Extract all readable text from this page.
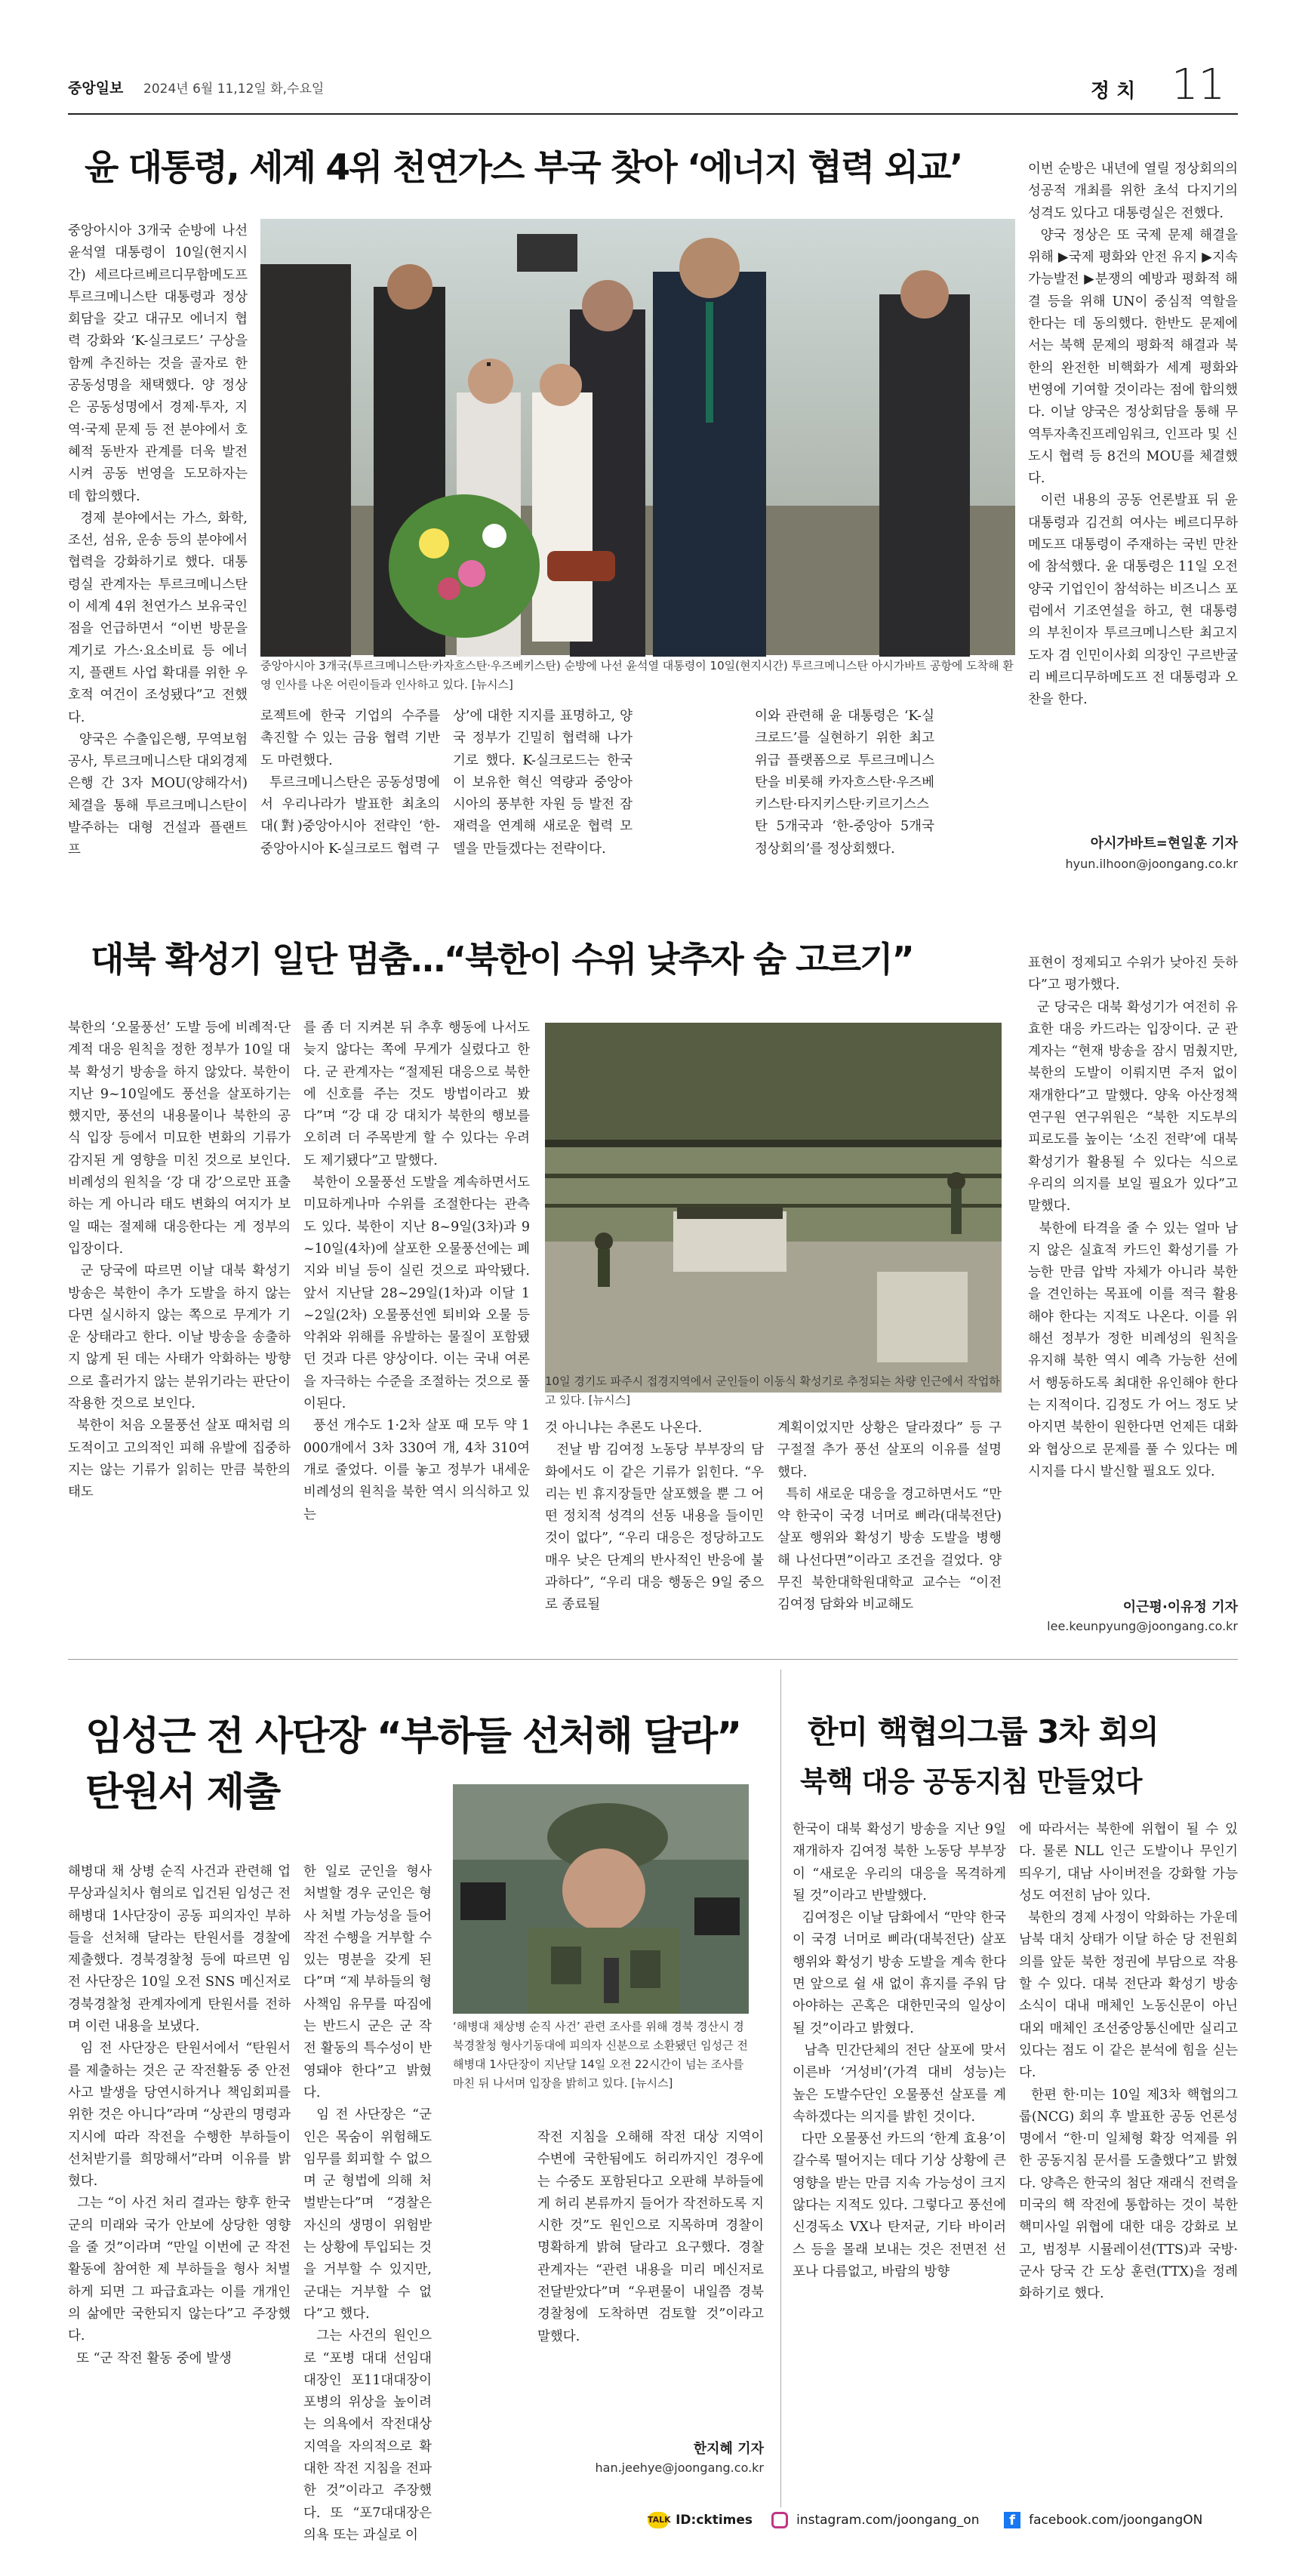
중앙일보 2024년 6월 11,12일 화,수요일	정 치 11
윤 대통령, 세계 4위 천연가스 부국 찾아 ‘에너지 협력 외교’
중앙아시아 3개국 순방에 나선 윤석열 대통령이 10일(현지시간) 세르다르베르디무함메도프 투르크메니스탄 대통령과 정상회담을 갖고 대규모 에너지 협력 강화와 ‘K-실크로드’ 구상을 함께 추진하는 것을 골자로 한 공동성명을 채택했다. 양 정상은 공동성명에서 경제·투자, 지역·국제 문제 등 전 분야에서 호혜적 동반자 관계를 더욱 발전시켜 공동 번영을 도모하자는 데 합의했다.
경제 분야에서는 가스, 화학, 조선, 섬유, 운송 등의 분야에서 협력을 강화하기로 했다. 대통령실 관계자는 투르크메니스탄이 세계 4위 천연가스 보유국인 점을 언급하면서 “이번 방문을 계기로 가스·요소비료 등 에너지, 플랜트 사업 확대를 위한 우호적 여건이 조성됐다”고 전했다.
양국은 수출입은행, 무역보험공사, 투르크메니스탄 대외경제은행 간 3자 MOU(양해각서) 체결을 통해 투르크메니스탄이 발주하는 대형 건설과 플랜트 프
중앙아시아 3개국(투르크메니스탄·카자흐스탄·우즈베키스탄) 순방에 나선 윤석열 대통령이 10일(현지시간) 투르크메니스탄 아시가바트 공항에 도착해 환영 인사를 나온 어린이들과 인사하고 있다. [뉴시스]
로젝트에 한국 기업의 수주를 촉진할 수 있는 금융 협력 기반도 마련했다.
투르크메니스탄은 공동성명에서 우리나라가 발표한 최초의 대(對)중앙아시아 전략인 ‘한-중앙아시아 K-실크로드 협력 구
상’에 대한 지지를 표명하고, 양국 정부가 긴밀히 협력해 나가기로 했다. K-실크로드는 한국이 보유한 혁신 역량과 중앙아시아의 풍부한 자원 등 발전 잠재력을 연계해 새로운 협력 모델을 만들겠다는 전략이다.
이와 관련해 윤 대통령은 ‘K-실크로드’를 실현하기 위한 최고위급 플랫폼으로 투르크메니스탄을 비롯해 카자흐스탄·우즈베키스탄·타지키스탄·키르기스스탄 5개국과 ‘한-중앙아 5개국 정상회의’를 정상회했다.
이번 순방은 내년에 열릴 정상회의의 성공적 개최를 위한 초석 다지기의 성격도 있다고 대통령실은 전했다.
양국 정상은 또 국제 문제 해결을 위해 ▶국제 평화와 안전 유지 ▶지속가능발전 ▶분쟁의 예방과 평화적 해결 등을 위해 UN이 중심적 역할을 한다는 데 동의했다. 한반도 문제에서는 북핵 문제의 평화적 해결과 북한의 완전한 비핵화가 세계 평화와 번영에 기여할 것이라는 점에 합의했다. 이날 양국은 정상회담을 통해 무역투자촉진프레임워크, 인프라 및 신도시 협력 등 8건의 MOU를 체결했다.
이런 내용의 공동 언론발표 뒤 윤 대통령과 김건희 여사는 베르디무하메도프 대통령이 주재하는 국빈 만찬에 참석했다. 윤 대통령은 11일 오전 양국 기업인이 참석하는 비즈니스 포럼에서 기조연설을 하고, 현 대통령의 부친이자 투르크메니스탄 최고지도자 겸 인민이사회 의장인 구르반굴리 베르디무하메도프 전 대통령과 오찬을 한다.
아시가바트=현일훈 기자
hyun.ilhoon@joongang.co.kr
대북 확성기 일단 멈춤…“북한이 수위 낮추자 숨 고르기”
북한의 ‘오물풍선’ 도발 등에 비례적·단계적 대응 원칙을 정한 정부가 10일 대북 확성기 방송을 하지 않았다. 북한이 지난 9~10일에도 풍선을 살포하기는 했지만, 풍선의 내용물이나 북한의 공식 입장 등에서 미묘한 변화의 기류가 감지된 게 영향을 미친 것으로 보인다. 비례성의 원칙을 ‘강 대 강’으로만 표출하는 게 아니라 태도 변화의 여지가 보일 때는 절제해 대응한다는 게 정부의 입장이다.
군 당국에 따르면 이날 대북 확성기 방송은 북한이 추가 도발을 하지 않는다면 실시하지 않는 쪽으로 무게가 기운 상태라고 한다. 이날 방송을 송출하지 않게 된 데는 사태가 악화하는 방향으로 흘러가지 않는 분위기라는 판단이 작용한 것으로 보인다.
북한이 처음 오물풍선 살포 때처럼 의도적이고 고의적인 피해 유발에 집중하지는 않는 기류가 읽히는 만큼 북한의 태도
를 좀 더 지켜본 뒤 추후 행동에 나서도 늦지 않다는 쪽에 무게가 실렸다고 한다. 군 관계자는 “절제된 대응으로 북한에 신호를 주는 것도 방법이라고 봤다”며 “강 대 강 대치가 북한의 행보를 오히려 더 주목받게 할 수 있다는 우려도 제기됐다”고 말했다.
북한이 오물풍선 도발을 계속하면서도 미묘하게나마 수위를 조절한다는 관측도 있다. 북한이 지난 8~9일(3차)과 9~10일(4차)에 살포한 오물풍선에는 폐지와 비닐 등이 실린 것으로 파악됐다. 앞서 지난달 28~29일(1차)과 이달 1~2일(2차) 오물풍선엔 퇴비와 오물 등 악취와 위해를 유발하는 물질이 포함됐던 것과 다른 양상이다. 이는 국내 여론을 자극하는 수준을 조절하는 것으로 풀이된다.
풍선 개수도 1·2차 살포 때 모두 약 1000개에서 3차 330여 개, 4차 310여 개로 줄었다. 이를 놓고 정부가 내세운 비례성의 원칙을 북한 역시 의식하고 있는
10일 경기도 파주시 접경지역에서 군인들이 이동식 확성기로 추정되는 차량 인근에서 작업하고 있다. [뉴시스]
것 아니냐는 추론도 나온다.
전날 밤 김여정 노동당 부부장의 담화에서도 이 같은 기류가 읽힌다. “우리는 빈 휴지장들만 살포했을 뿐 그 어떤 정치적 성격의 선동 내용을 들이민 것이 없다”, “우리 대응은 정당하고도 매우 낮은 단계의 반사적인 반응에 불과하다”, “우리 대응 행동은 9일 중으로 종료될
계획이었지만 상황은 달라졌다” 등 구구절절 추가 풍선 살포의 이유를 설명했다.
특히 새로운 대응을 경고하면서도 “만약 한국이 국경 너머로 삐라(대북전단) 살포 행위와 확성기 방송 도발을 병행해 나선다면”이라고 조건을 걸었다. 양무진 북한대학원대학교 교수는 “이전 김여정 담화와 비교해도
표현이 정제되고 수위가 낮아진 듯하다”고 평가했다.
군 당국은 대북 확성기가 여전히 유효한 대응 카드라는 입장이다. 군 관계자는 “현재 방송을 잠시 멈췄지만, 북한의 도발이 이뤄지면 주저 없이 재개한다”고 말했다. 양욱 아산정책연구원 연구위원은 “북한 지도부의 피로도를 높이는 ‘소진 전략’에 대북 확성기가 활용될 수 있다는 식으로 우리의 의지를 보일 필요가 있다”고 말했다.
북한에 타격을 줄 수 있는 얼마 남지 않은 실효적 카드인 확성기를 가능한 만큼 압박 자체가 아니라 북한을 견인하는 목표에 이를 적극 활용해야 한다는 지적도 나온다. 이를 위해선 정부가 정한 비례성의 원칙을 유지해 북한 역시 예측 가능한 선에서 행동하도록 최대한 유인해야 한다는 지적이다. 김정도 가 어느 정도 낮아지면 북한이 원한다면 언제든 대화와 협상으로 문제를 풀 수 있다는 메시지를 다시 발신할 필요도 있다.
이근평·이유정 기자
lee.keunpyung@joongang.co.kr
임성근 전 사단장 “부하들 선처해 달라”
탄원서 제출
해병대 채 상병 순직 사건과 관련해 업무상과실치사 혐의로 입건된 임성근 전 해병대 1사단장이 공동 피의자인 부하들을 선처해 달라는 탄원서를 경찰에 제출했다. 경북경찰청 등에 따르면 임 전 사단장은 10일 오전 SNS 메신저로 경북경찰청 관계자에게 탄원서를 전하며 이런 내용을 보냈다.
임 전 사단장은 탄원서에서 “탄원서를 제출하는 것은 군 작전활동 중 안전사고 발생을 당연시하거나 책임회피를 위한 것은 아니다”라며 “상관의 명령과 지시에 따라 작전을 수행한 부하들이 선처받기를 희망해서”라며 이유를 밝혔다.
그는 “이 사건 처리 결과는 향후 한국군의 미래와 국가 안보에 상당한 영향을 줄 것”이라며 “만일 이번에 군 작전 활동에 참여한 제 부하들을 형사 처벌하게 되면 그 파급효과는 이를 개개인의 삶에만 국한되지 않는다”고 주장했다.
또 “군 작전 활동 중에 발생
‘해병대 채상병 순직 사건’ 관련 조사를 위해 경북 경산시 경북경찰청 형사기동대에 피의자 신분으로 소환됐던 임성근 전 해병대 1사단장이 지난달 14일 오전 22시간이 넘는 조사를 마친 뒤 나서며 입장을 밝히고 있다. [뉴시스]
한 일로 군인을 형사 처벌할 경우 군인은 형사 처벌 가능성을 들어 작전 수행을 거부할 수 있는 명분을 갖게 된다”며 “제 부하들의 형사책임 유무를 따짐에는 반드시 군은 군 작전 활동의 특수성이 반영돼야 한다”고 밝혔다.
임 전 사단장은 “군인은 목숨이 위험해도 임무를 회피할 수 없으며 군 형법에 의해 처벌받는다”며 “경찰은 자신의 생명이 위험받는 상황에 투입되는 것을 거부할 수 있지만, 군대는 거부할 수 없다”고 했다.
그는 사건의 원인으로 “포병 대대 선임대대장인 포11대대장이 포병의 위상을 높이려는 의욕에서 작전대상 지역을 자의적으로 확대한 작전 지침을 전파한 것”이라고 주장했다. 또 “포7대대장은 의욕 또는 과실로 이
작전 지침을 오해해 작전 대상 지역이 수변에 국한됨에도 허리까지인 경우에는 수중도 포함된다고 오판해 부하들에게 허리 본류까지 들어가 작전하도록 지시한 것”도 원인으로 지목하며 경찰이 명확하게 밝혀 달라고 요구했다. 경찰 관계자는 “관련 내용을 미리 메신저로 전달받았다”며 “우편물이 내일쯤 경북경찰청에 도착하면 검토할 것”이라고 말했다.
한지혜 기자
han.jeehye@joongang.co.kr
한미 핵협의그룹 3차 회의
북핵 대응 공동지침 만들었다
한국이 대북 확성기 방송을 지난 9일 재개하자 김여정 북한 노동당 부부장이 “새로운 우리의 대응을 목격하게 될 것”이라고 반발했다.
김여정은 이날 담화에서 “만약 한국이 국경 너머로 삐라(대북전단) 살포 행위와 확성기 방송 도발을 계속 한다면 앞으로 쉴 새 없이 휴지를 주워 담아야하는 곤혹은 대한민국의 일상이 될 것”이라고 밝혔다.
남측 민간단체의 전단 살포에 맞서 이른바 ‘거성비’(가격 대비 성능)는 높은 도발수단인 오물풍선 살포를 계속하겠다는 의지를 밝힌 것이다.
다만 오물풍선 카드의 ‘한계 효용’이 갈수록 떨어지는 데다 기상 상황에 큰 영향을 받는 만큼 지속 가능성이 크지 않다는 지적도 있다. 그렇다고 풍선에 신경독소 VX나 탄저균, 기타 바이러스 등을 몰래 보내는 것은 전면전 선포나 다름없고, 바람의 방향
에 따라서는 북한에 위협이 될 수 있다. 물론 NLL 인근 도발이나 무인기 띄우기, 대남 사이버전을 강화할 가능성도 여전히 남아 있다.
북한의 경제 사정이 악화하는 가운데 남북 대치 상태가 이달 하순 당 전원회의를 앞둔 북한 정권에 부담으로 작용할 수 있다. 대북 전단과 확성기 방송 소식이 대내 매체인 노동신문이 아닌 대외 매체인 조선중앙통신에만 실리고 있다는 점도 이 같은 분석에 힘을 싣는다.
한편 한·미는 10일 제3차 핵협의그룹(NCG) 회의 후 발표한 공동 언론성명에서 “한·미 일체형 확장 억제를 위한 공동지침 문서를 도출했다”고 밝혔다. 양측은 한국의 첨단 재래식 전력을 미국의 핵 작전에 통합하는 것이 북한 핵미사일 위협에 대한 대응 강화로 보고, 범정부 시뮬레이션(TTS)과 국방·군사 당국 간 도상 훈련(TTX)을 정례화하기로 했다.
TALK ID:cktimes	instagram.com/joongang_on	f facebook.com/joongangON
